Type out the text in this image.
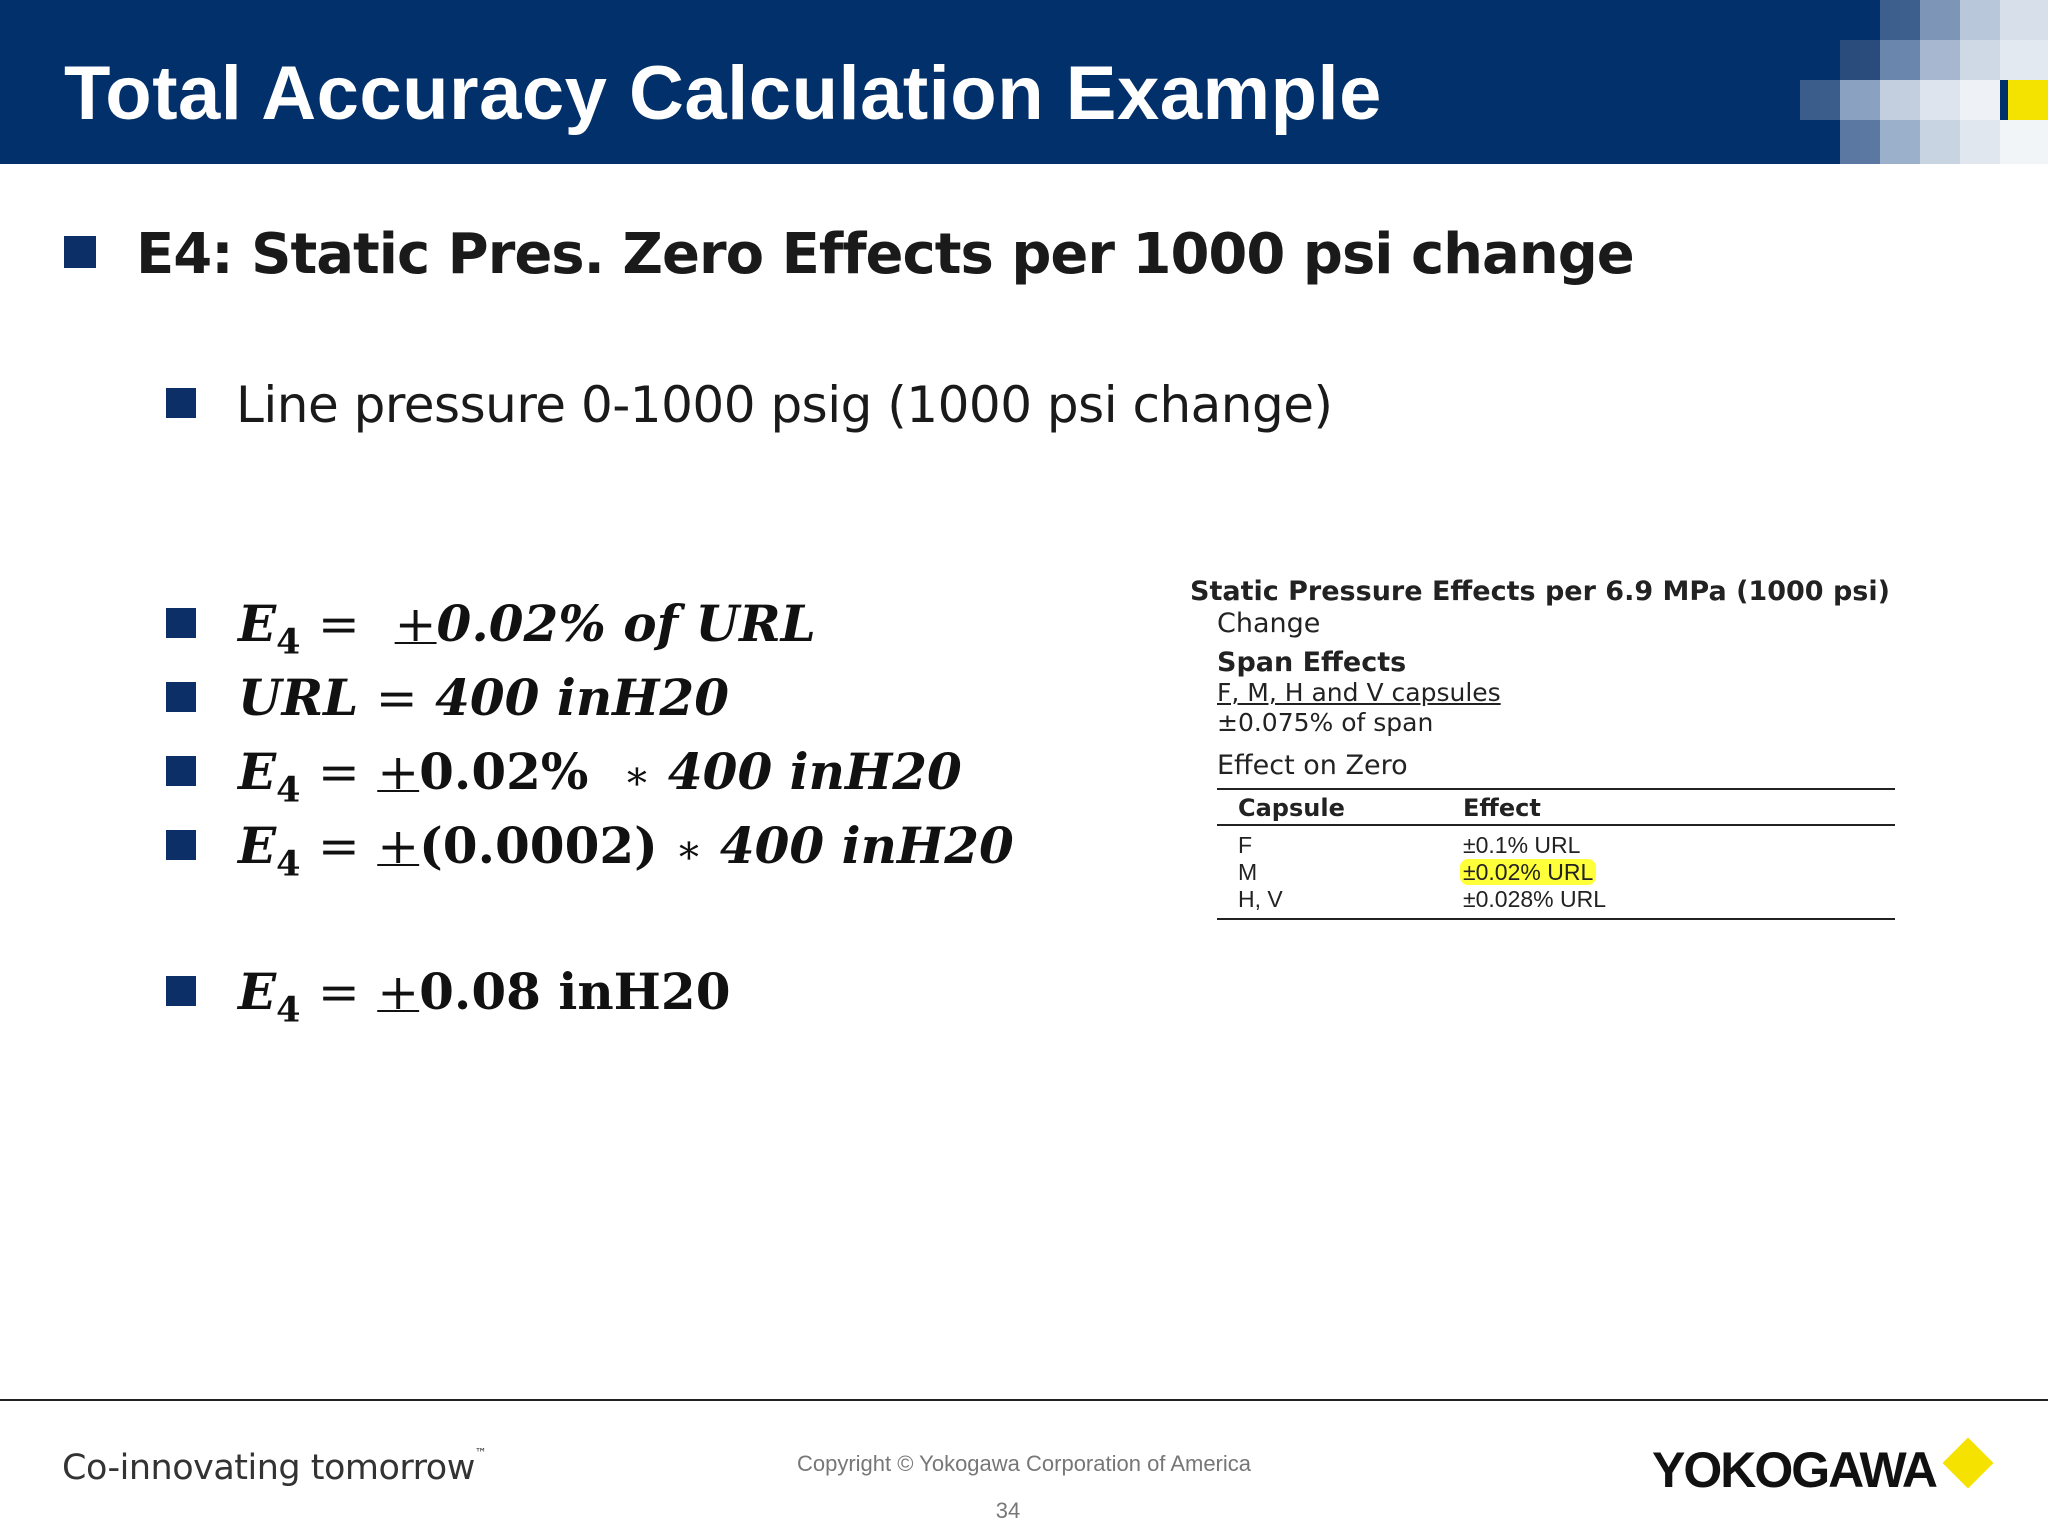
Total Accuracy Calculation Example
E4: Static Pres. Zero Effects per 1000 psi change
Line pressure 0-1000 psig (1000 psi change)
$E_4 = +0.02\%$ of URL
URL = 400 inH20
$E_4 = +0.02\%$ ∗ 400 inH20
$E_4 = +(0.0002)$ ∗ 400 inH20
$E_4 = +0.08$ inH20
Static Pressure Effects per 6.9 MPa (1000 psi)
Change
Span Effects
F, M, H and V capsules
±0.075% of span
Effect on Zero
Capsule	Effect
F	±0.1% URL
M	±0.02% URL
H, V	±0.028% URL
Co-innovating tomorrow™	Copyright © Yokogawa Corporation of America
34
YOKOGAWA
